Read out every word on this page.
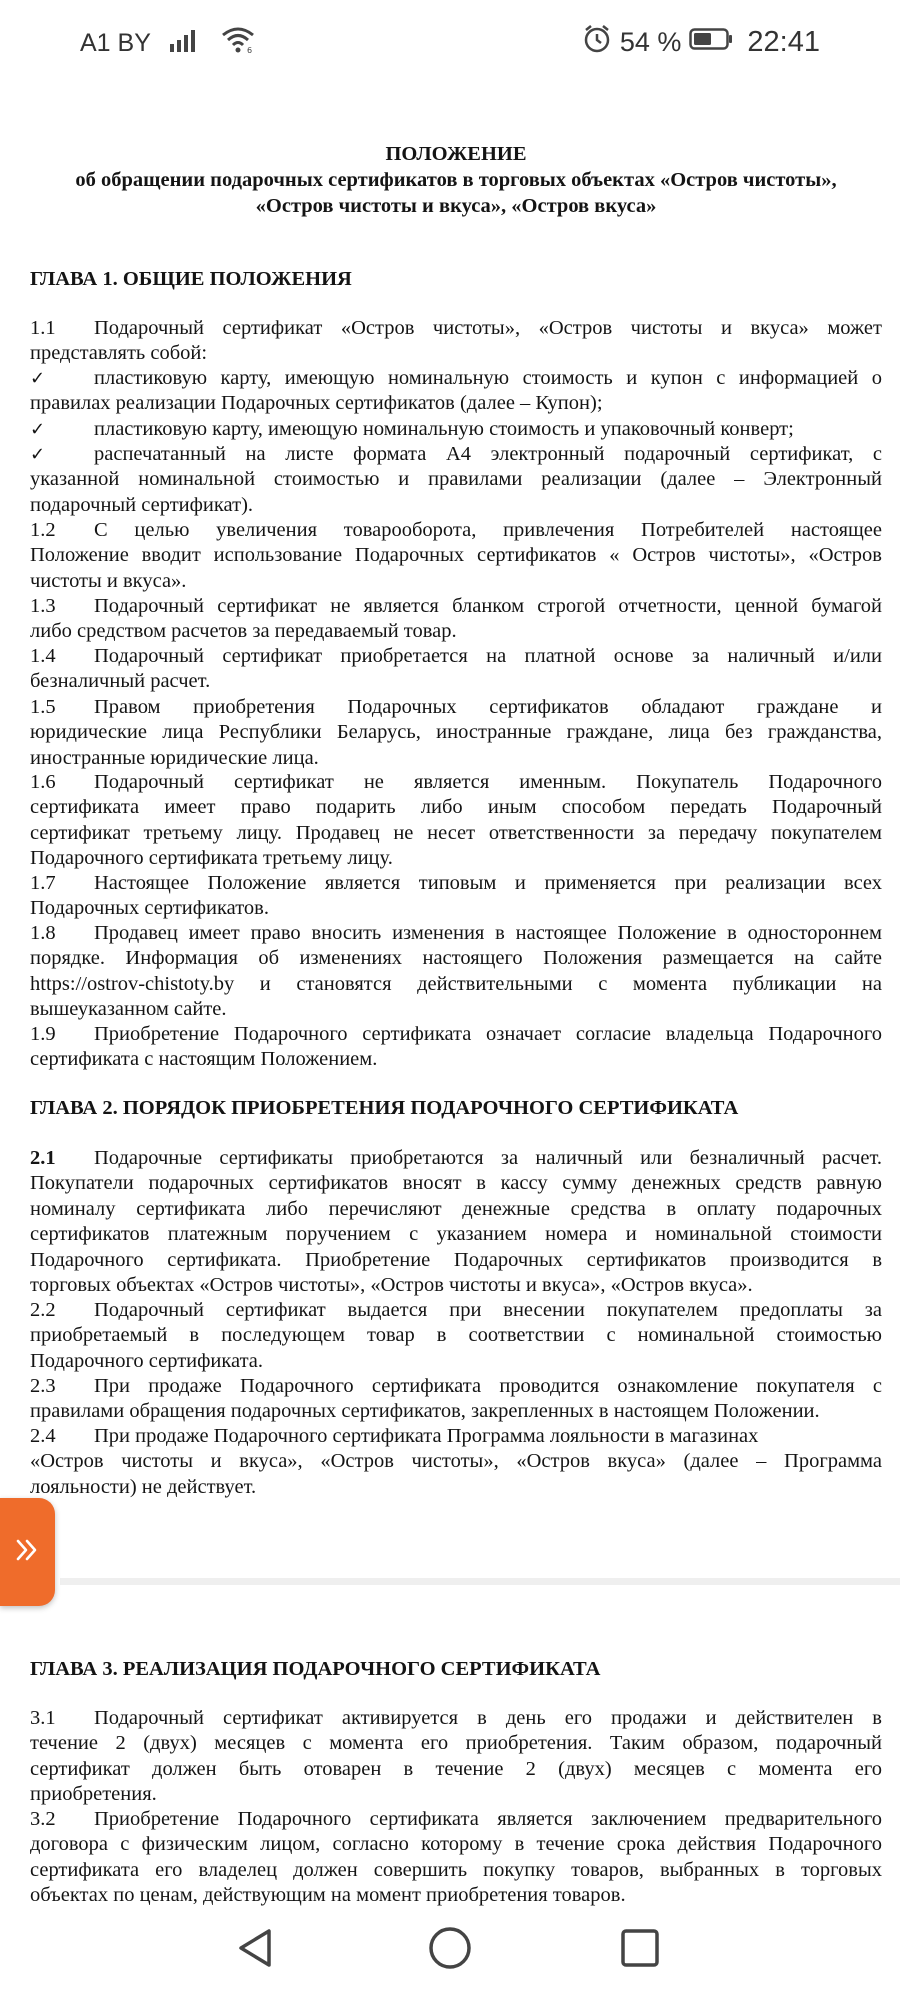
A1 BY	6	54 % 22:41
ПОЛОЖЕНИЕ
об обращении подарочных сертификатов в торговых объектах «Остров чистоты»,
«Остров чистоты и вкуса», «Остров вкуса»
ГЛАВА 1. ОБЩИЕ ПОЛОЖЕНИЯ
1.1 Подарочный сертификат «Остров чистоты», «Остров чистоты и вкуса» может
представлять собой:
✓ пластиковую карту, имеющую номинальную стоимость и купон с информацией о
правилах реализации Подарочных сертификатов (далее – Купон);
✓ пластиковую карту, имеющую номинальную стоимость и упаковочный конверт;
✓ распечатанный на листе формата А4 электронный подарочный сертификат, с
указанной номинальной стоимостью и правилами реализации (далее – Электронный
подарочный сертификат).
1.2 С целью увеличения товарооборота, привлечения Потребителей настоящее
Положение вводит использование Подарочных сертификатов « Остров чистоты», «Остров
чистоты и вкуса».
1.3 Подарочный сертификат не является бланком строгой отчетности, ценной бумагой
либо средством расчетов за передаваемый товар.
1.4 Подарочный сертификат приобретается на платной основе за наличный и/или
безналичный расчет.
1.5 Правом приобретения Подарочных сертификатов обладают граждане и
юридические лица Республики Беларусь, иностранные граждане, лица без гражданства,
иностранные юридические лица.
1.6 Подарочный сертификат не является именным. Покупатель Подарочного
сертификата имеет право подарить либо иным способом передать Подарочный
сертификат третьему лицу. Продавец не несет ответственности за передачу покупателем
Подарочного сертификата третьему лицу.
1.7 Настоящее Положение является типовым и применяется при реализации всех
Подарочных сертификатов.
1.8 Продавец имеет право вносить изменения в настоящее Положение в одностороннем
порядке. Информация об изменениях настоящего Положения размещается на сайте
https://ostrov-chistoty.by и становятся действительными с момента публикации на
вышеуказанном сайте.
1.9 Приобретение Подарочного сертификата означает согласие владельца Подарочного
сертификата с настоящим Положением.
ГЛАВА 2. ПОРЯДОК ПРИОБРЕТЕНИЯ ПОДАРОЧНОГО СЕРТИФИКАТА
2.1 Подарочные сертификаты приобретаются за наличный или безналичный расчет.
Покупатели подарочных сертификатов вносят в кассу сумму денежных средств равную
номиналу сертификата либо перечисляют денежные средства в оплату подарочных
сертификатов платежным поручением с указанием номера и номинальной стоимости
Подарочного сертификата. Приобретение Подарочных сертификатов производится в
торговых объектах «Остров чистоты», «Остров чистоты и вкуса», «Остров вкуса».
2.2 Подарочный сертификат выдается при внесении покупателем предоплаты за
приобретаемый в последующем товар в соответствии с номинальной стоимостью
Подарочного сертификата.
2.3 При продаже Подарочного сертификата проводится ознакомление покупателя с
правилами обращения подарочных сертификатов, закрепленных в настоящем Положении.
2.4 При продаже Подарочного сертификата Программа лояльности в магазинах
«Остров чистоты и вкуса», «Остров чистоты», «Остров вкуса» (далее – Программа
лояльности) не действует.
ГЛАВА 3. РЕАЛИЗАЦИЯ ПОДАРОЧНОГО СЕРТИФИКАТА
3.1 Подарочный сертификат активируется в день его продажи и действителен в
течение 2 (двух) месяцев с момента его приобретения. Таким образом, подарочный
сертификат должен быть отоварен в течение 2 (двух) месяцев с момента его
приобретения.
3.2 Приобретение Подарочного сертификата является заключением предварительного
договора с физическим лицом, согласно которому в течение срока действия Подарочного
сертификата его владелец должен совершить покупку товаров, выбранных в торговых
объектах по ценам, действующим на момент приобретения товаров.
